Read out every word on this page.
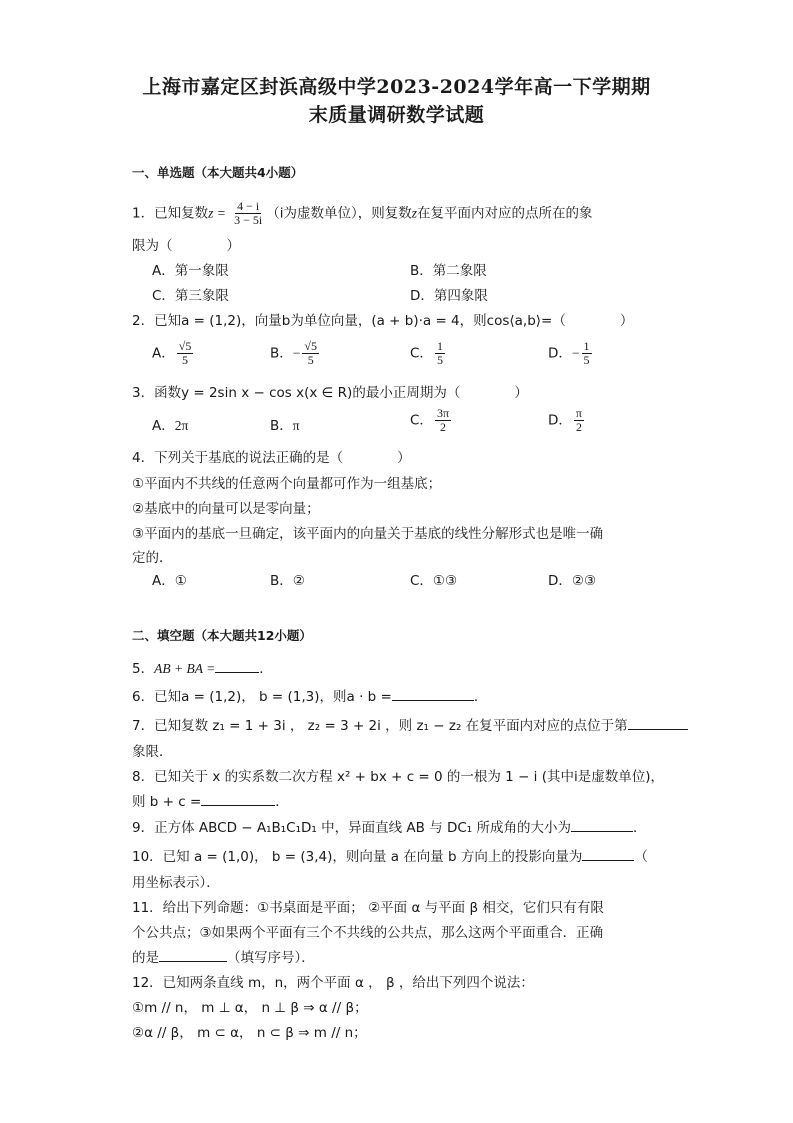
上海市嘉定区封浜高级中学2023-2024学年高一下学期期
末质量调研数学试题
一、单选题（本大题共4小题）
1．已知复数$z = \frac{4 - i}{3 - 5i} (i$为虚数单位），则复数z在复平面内对应的点所在的象
限为（　　　　）
A．第一象限	B．第二象限
C．第三象限	D．第四象限
2．已知a = (1,2)，向量b为单位向量，(a + b)·a = 4，则cos⟨a,b⟩=（　　　　）
A． $\frac{√5}{5}$	B．− $\frac{√5}{5}$	C． $\frac{1}{5}$	D．− $\frac{1}{5}$
3．函数y = 2sin x − cos x(x ∈ R)的最小正周期为（　　　　）
A．2π	B．π	C． $\frac{3\pi}{2}$	D． $\frac{\pi}{2}$
4．下列关于基底的说法正确的是（　　　　）
①平面内不共线的任意两个向量都可作为一组基底；
②基底中的向量可以是零向量；
③平面内的基底一旦确定，该平面内的向量关于基底的线性分解形式也是唯一确
定的．
A．①	B．②	C．①③	D．②③
二、填空题（本大题共12小题）
5．AB + BA =	．
6．已知a = (1,2)， b = (1,3)，则a · b =	．
7．已知复数 z₁ = 1 + 3i ， z₂ = 3 + 2i ，则 z₁ − z₂ 在复平面内对应的点位于第
象限．
8．已知关于 x 的实系数二次方程 x² + bx + c = 0 的一根为 1 − i (其中i是虚数单位)，
则 b + c =	．
9．正方体 ABCD − A₁B₁C₁D₁ 中，异面直线 AB 与 DC₁ 所成角的大小为	．
10．已知 a = (1,0)， b = (3,4)，则向量 a 在向量 b 方向上的投影向量为	（
用坐标表示）．
11．给出下列命题：①书桌面是平面； ②平面 α 与平面 β 相交，它们只有有限
个公共点；③如果两个平面有三个不共线的公共点，那么这两个平面重合．正确
的是	（填写序号）．
12．已知两条直线 m，n，两个平面 α ， β ，给出下列四个说法：
①m // n， m ⊥ α， n ⊥ β ⇒ α // β；
②α // β， m ⊂ α， n ⊂ β ⇒ m // n；
